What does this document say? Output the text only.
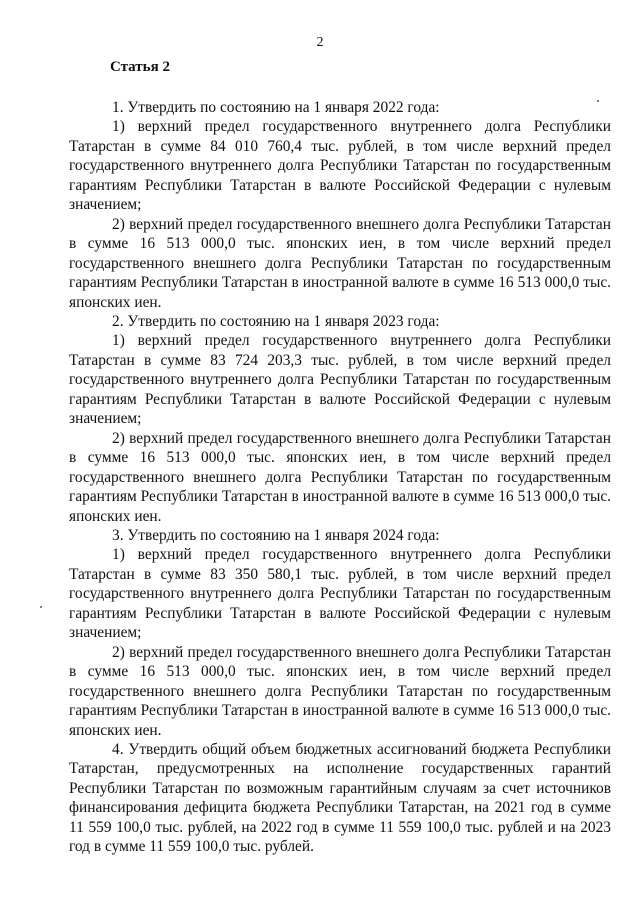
2
Статья 2

1. Утвердить по состоянию на 1 января 2022 года:

1) верхний предел государственного внутреннего долга Республики Татарстан в сумме 84 010 760,4 тыс. рублей, в том числе верхний предел государственного внутреннего долга Республики Татарстан по государственным гарантиям Республики Татарстан в валюте Российской Федерации с нулевым значением;

2) верхний предел государственного внешнего долга Республики Татарстан в сумме 16 513 000,0 тыс. японских иен, в том числе верхний предел государственного внешнего долга Республики Татарстан по государственным гарантиям Республики Татарстан в иностранной валюте в сумме 16 513 000,0 тыс. японских иен.

2. Утвердить по состоянию на 1 января 2023 года:

1) верхний предел государственного внутреннего долга Республики Татарстан в сумме 83 724 203,3 тыс. рублей, в том числе верхний предел государственного внутреннего долга Республики Татарстан по государственным гарантиям Республики Татарстан в валюте Российской Федерации с нулевым значением;

2) верхний предел государственного внешнего долга Республики Татарстан в сумме 16 513 000,0 тыс. японских иен, в том числе верхний предел государственного внешнего долга Республики Татарстан по государственным гарантиям Республики Татарстан в иностранной валюте в сумме 16 513 000,0 тыс. японских иен.

3. Утвердить по состоянию на 1 января 2024 года:

1) верхний предел государственного внутреннего долга Республики Татарстан в сумме 83 350 580,1 тыс. рублей, в том числе верхний предел государственного внутреннего долга Республики Татарстан по государственным гарантиям Республики Татарстан в валюте Российской Федерации с нулевым значением;

2) верхний предел государственного внешнего долга Республики Татарстан в сумме 16 513 000,0 тыс. японских иен, в том числе верхний предел государственного внешнего долга Республики Татарстан по государственным гарантиям Республики Татарстан в иностранной валюте в сумме 16 513 000,0 тыс. японских иен.

4. Утвердить общий объем бюджетных ассигнований бюджета Республики Татарстан, предусмотренных на исполнение государственных гарантий Республики Татарстан по возможным гарантийным случаям за счет источников финансирования дефицита бюджета Республики Татарстан, на 2021 год в сумме 11 559 100,0 тыс. рублей, на 2022 год в сумме 11 559 100,0 тыс. рублей и на 2023 год в сумме 11 559 100,0 тыс. рублей.
